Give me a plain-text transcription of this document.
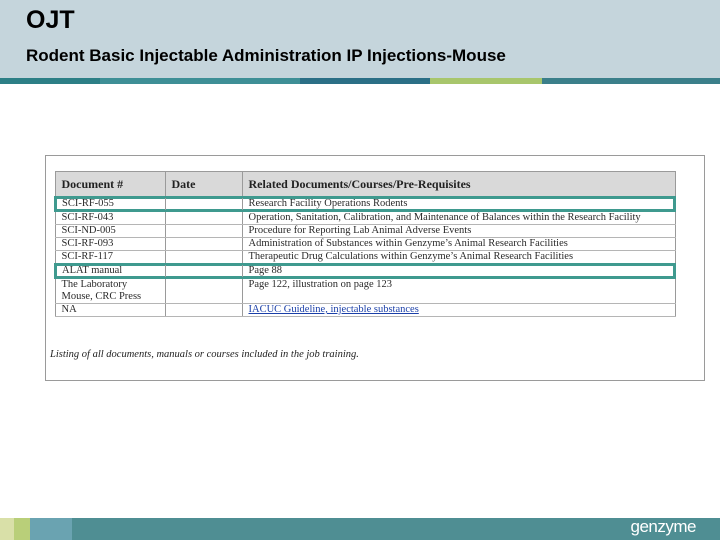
OJT
Rodent Basic Injectable Administration IP Injections-Mouse
Document #	Date	Related Documents/Courses/Pre-Requisites
SCI-RF-055		Research Facility Operations Rodents
SCI-RF-043		Operation, Sanitation, Calibration, and Maintenance of Balances within the Research Facility
SCI-ND-005		Procedure for Reporting Lab Animal Adverse Events
SCI-RF-093		Administration of Substances within Genzyme’s Animal Research Facilities
SCI-RF-117		Therapeutic Drug Calculations within Genzyme’s Animal Research Facilities
ALAT manual		Page 88
The Laboratory Mouse, CRC Press		Page 122, illustration on page 123
NA		IACUC Guideline, injectable substances
Listing of all documents, manuals or courses included in the job training.
genzyme
